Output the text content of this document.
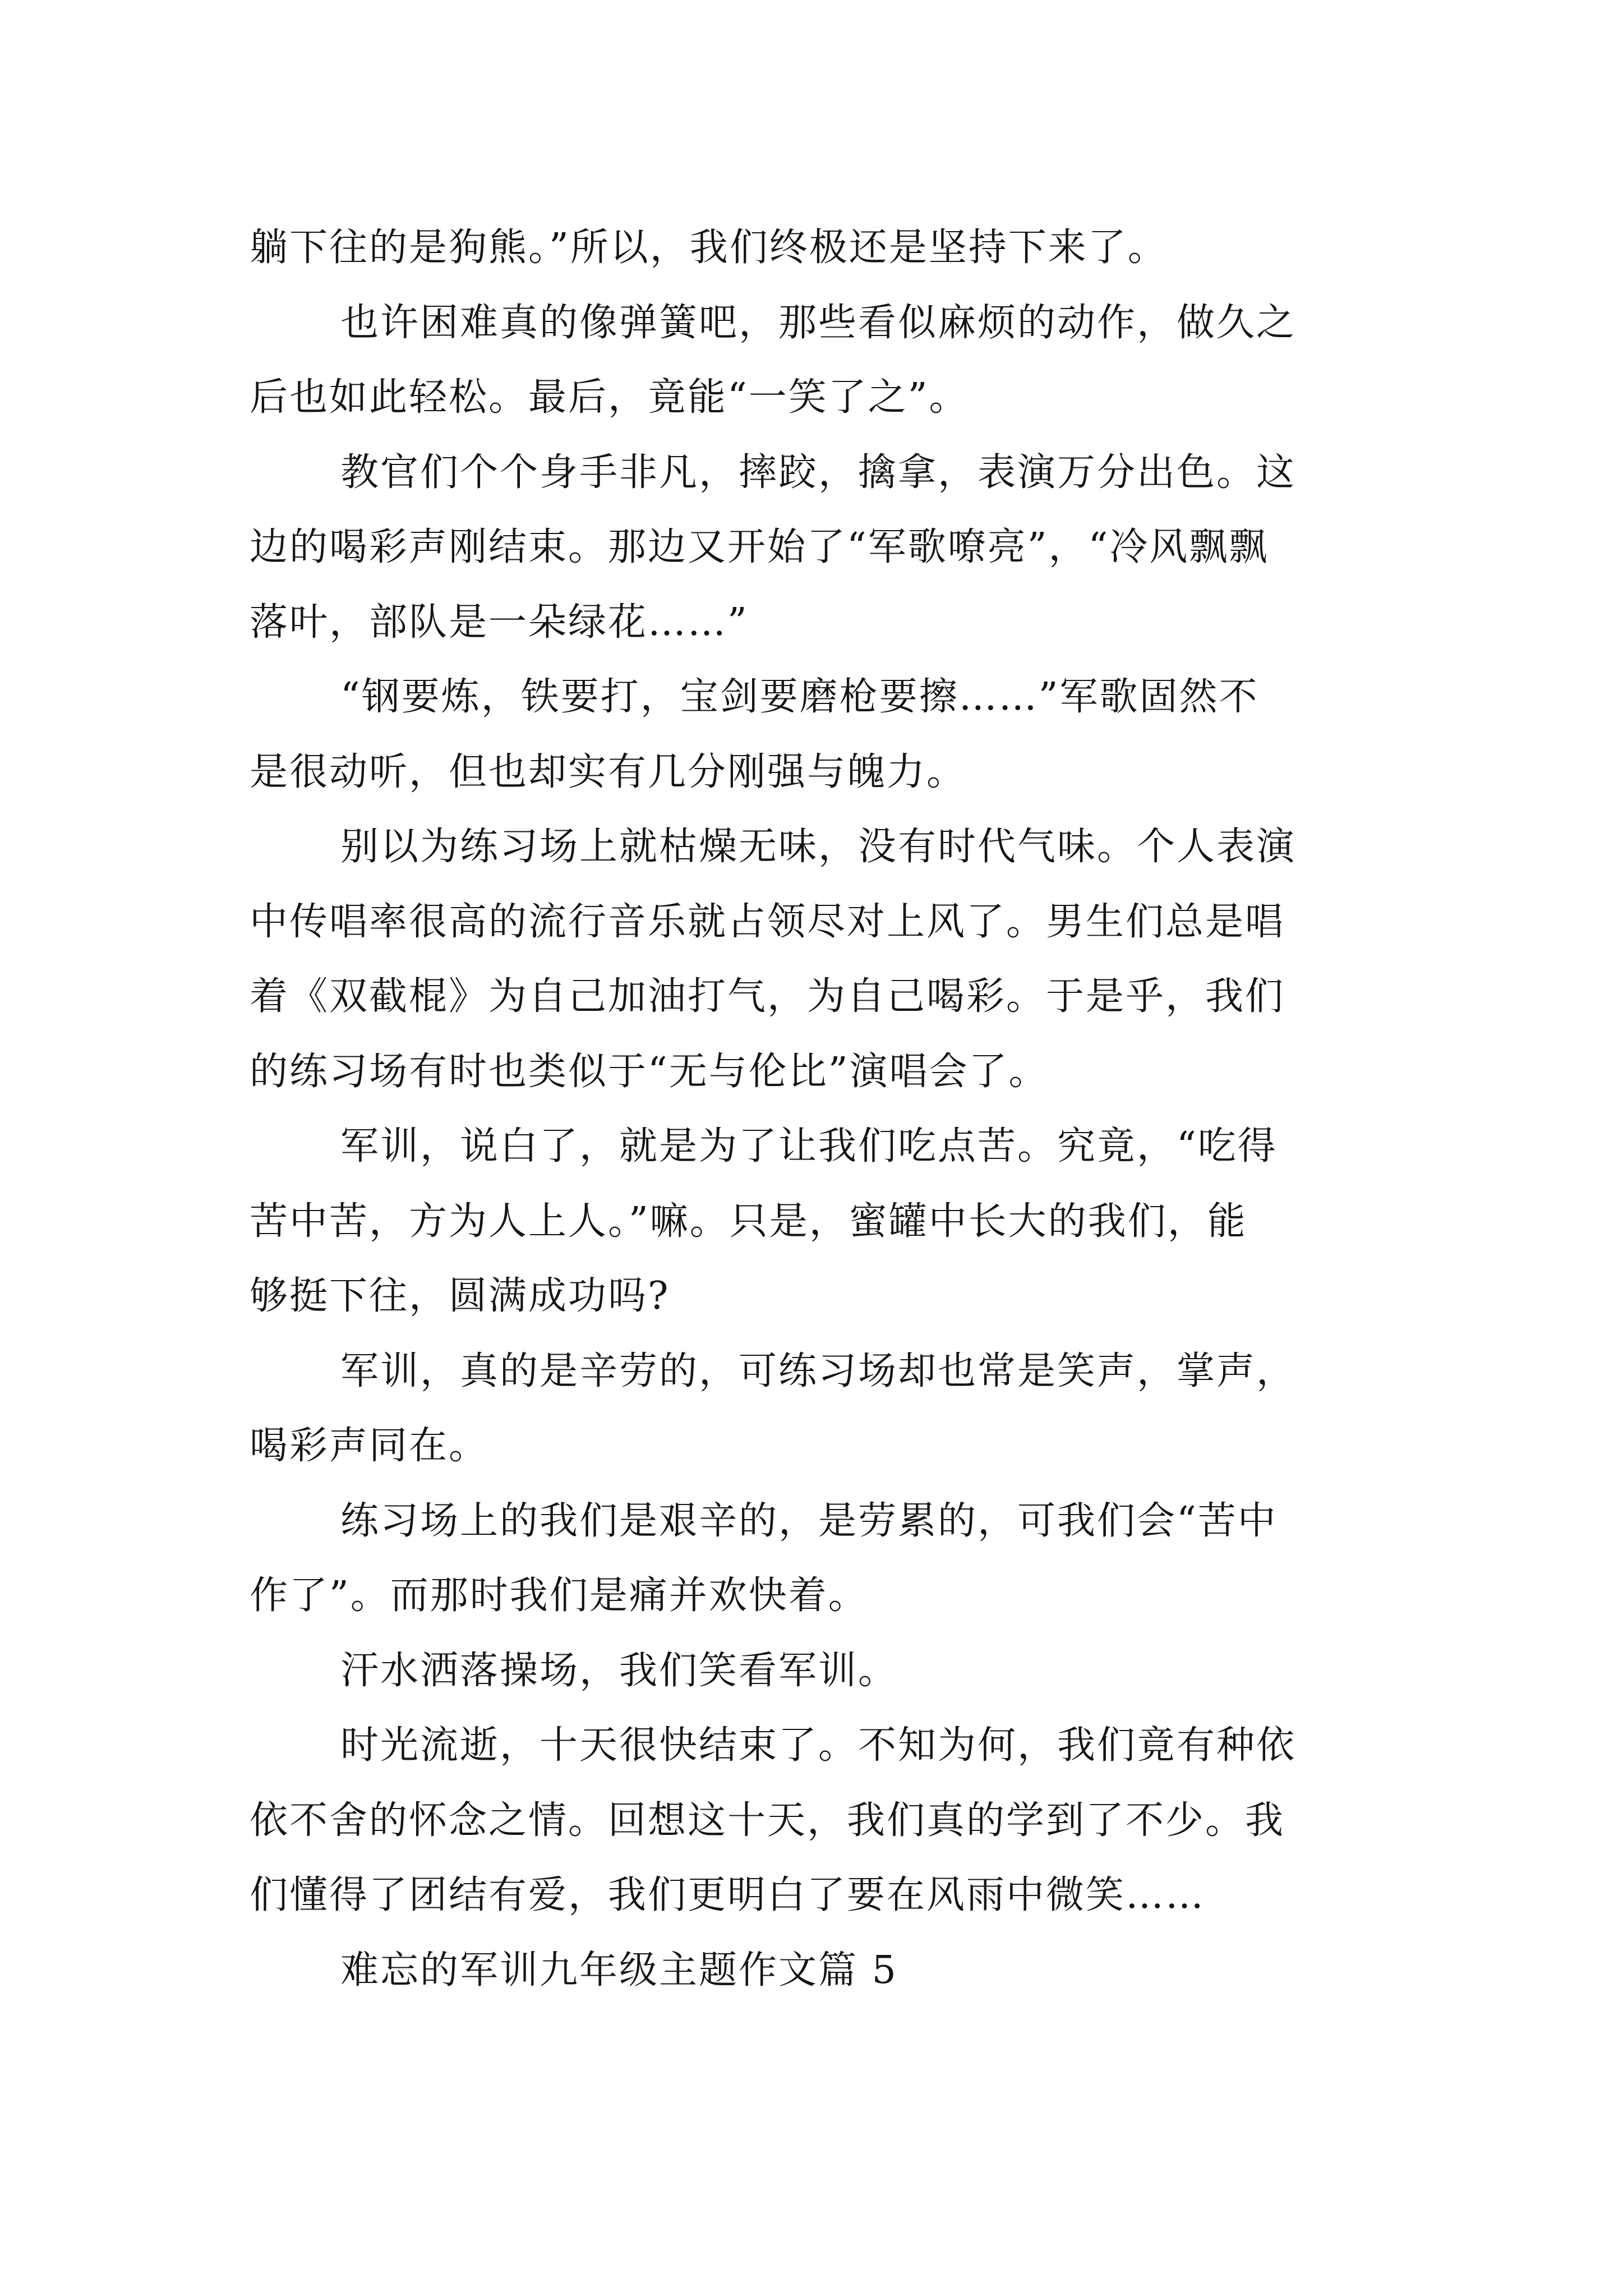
躺下往的是狗熊。”所以，我们终极还是坚持下来了。
也许困难真的像弹簧吧，那些看似麻烦的动作，做久之
后也如此轻松。最后，竟能“一笑了之”。
教官们个个身手非凡，摔跤，擒拿，表演万分出色。这
边的喝彩声刚结束。那边又开始了“军歌嘹亮”，“冷风飘飘
落叶，部队是一朵绿花……”
“钢要炼，铁要打，宝剑要磨枪要擦……”军歌固然不
是很动听，但也却实有几分刚强与魄力。
别以为练习场上就枯燥无味，没有时代气味。个人表演
中传唱率很高的流行音乐就占领尽对上风了。男生们总是唱
着《双截棍》为自己加油打气，为自己喝彩。于是乎，我们
的练习场有时也类似于“无与伦比”演唱会了。
军训，说白了，就是为了让我们吃点苦。究竟，“吃得
苦中苦，方为人上人。”嘛。只是，蜜罐中长大的我们，能
够挺下往，圆满成功吗?
军训，真的是辛劳的，可练习场却也常是笑声，掌声，
喝彩声同在。
练习场上的我们是艰辛的，是劳累的，可我们会“苦中
作了”。而那时我们是痛并欢快着。
汗水洒落操场，我们笑看军训。
时光流逝，十天很快结束了。不知为何，我们竟有种依
依不舍的怀念之情。回想这十天，我们真的学到了不少。我
们懂得了团结有爱，我们更明白了要在风雨中微笑……
难忘的军训九年级主题作文篇 5
